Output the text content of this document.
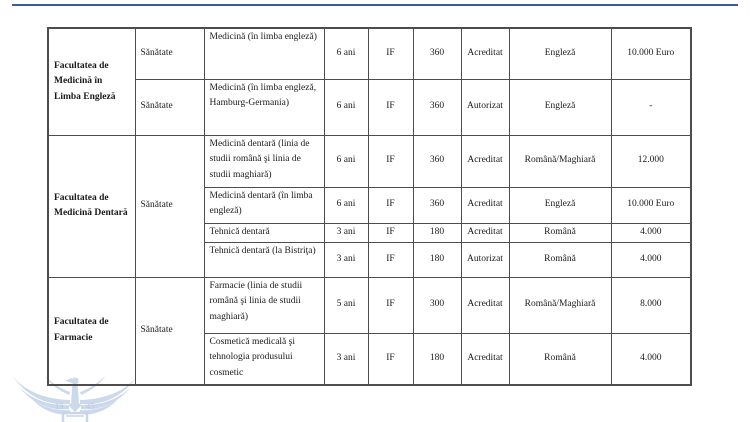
19	45
Facultatea de Medicină în Limba Engleză	Sănătate	Medicină (în limba engleză)	6 ani	IF	360	Acreditat	Engleză	10.000 Euro
	Sănătate	Medicină (în limba engleză, Hamburg-Germania)	6 ani	IF	360	Autorizat	Engleză	-
Facultatea de Medicină Dentară	Sănătate	Medicină dentară (linia de studii română şi linia de studii maghiară)	6 ani	IF	360	Acreditat	Română/Maghiară	12.000
		Medicină dentară (în limba engleză)	6 ani	IF	360	Acreditat	Engleză	10.000 Euro
		Tehnică dentară	3 ani	IF	180	Acreditat	Română	4.000
		Tehnică dentară (la Bistriţa)	3 ani	IF	180	Autorizat	Română	4.000
Facultatea de Farmacie	Sănătate	Farmacie (linia de studii română şi linia de studii maghiară)	5 ani	IF	300	Acreditat	Română/Maghiară	8.000
		Cosmetică medicală şi tehnologia produsului cosmetic	3 ani	IF	180	Acreditat	Română	4.000
